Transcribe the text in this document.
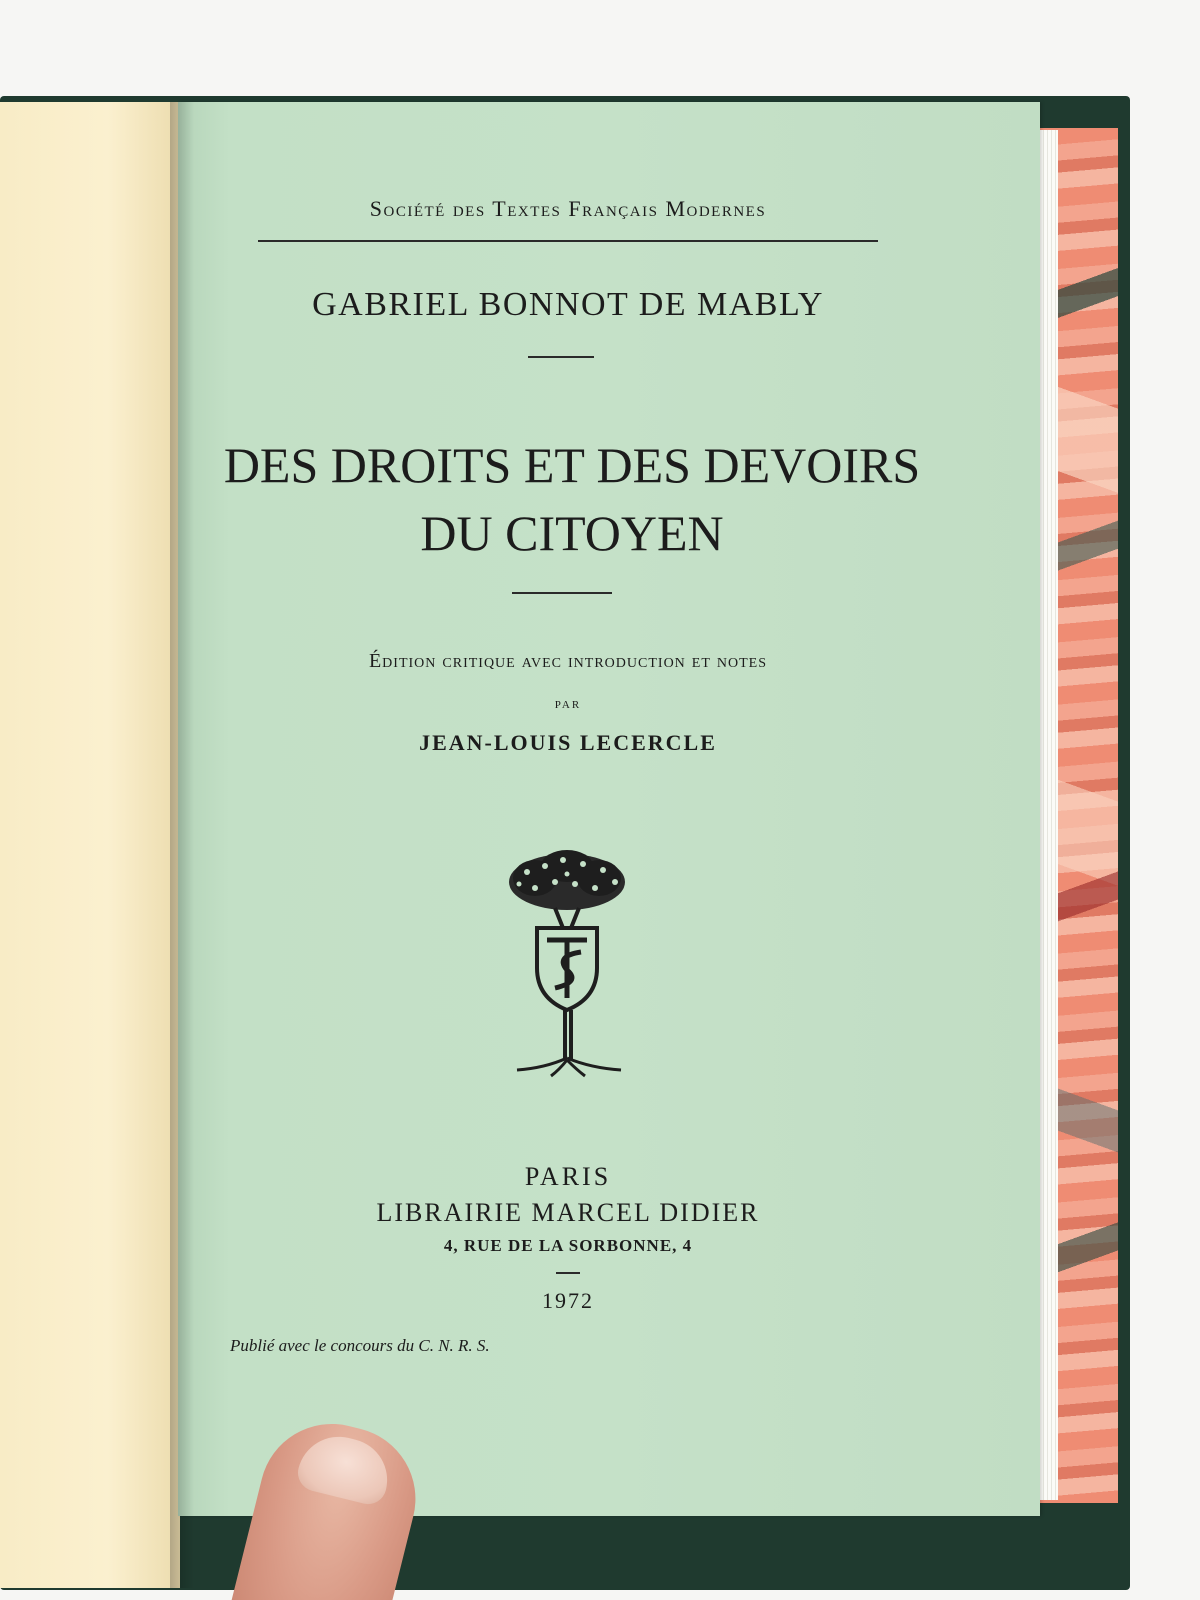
Société des Textes Français Modernes
GABRIEL BONNOT DE MABLY
DES DROITS ET DES DEVOIRS
DU CITOYEN
Édition critique avec introduction et notes
par
JEAN-LOUIS LECERCLE
PARIS
LIBRAIRIE MARCEL DIDIER
4, RUE DE LA SORBONNE, 4
1972
Publié avec le concours du C. N. R. S.
